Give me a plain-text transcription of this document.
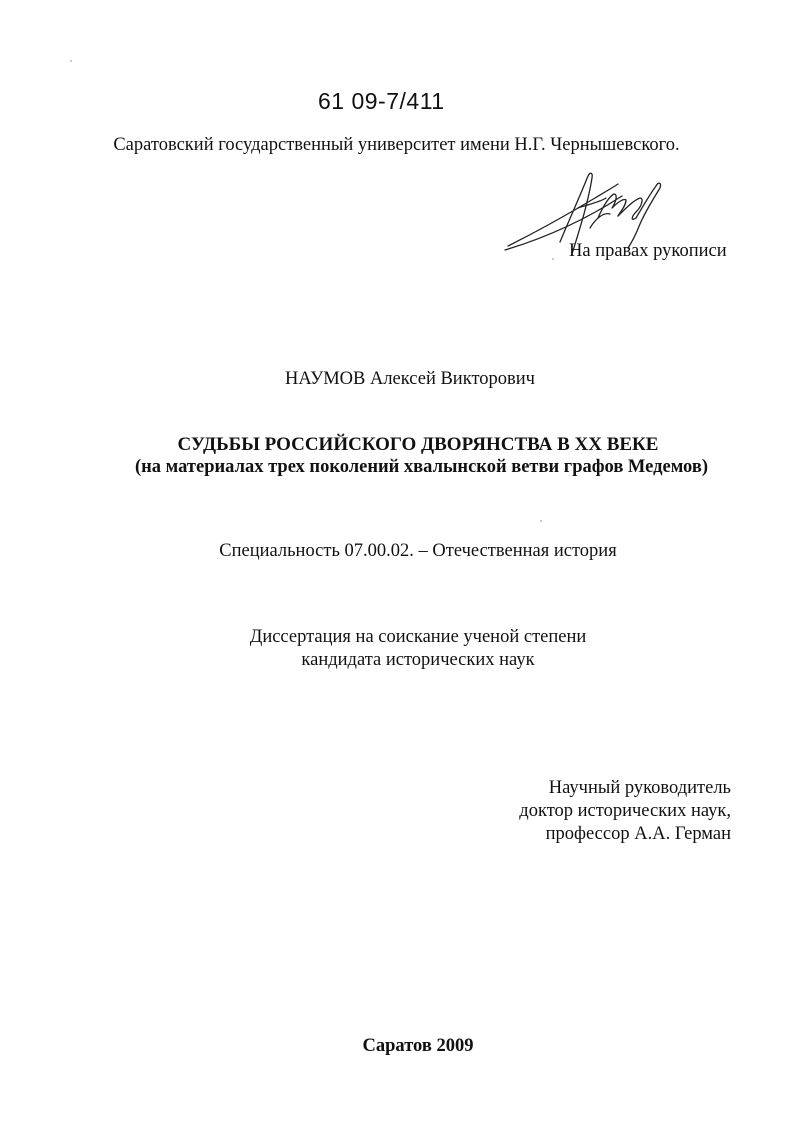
61 09-7/411
Саратовский государственный университет имени Н.Г. Чернышевского.
На правах рукописи
НАУМОВ Алексей Викторович
СУДЬБЫ РОССИЙСКОГО ДВОРЯНСТВА В XX ВЕКЕ
(на материалах трех поколений хвалынской ветви графов Медемов)
Специальность 07.00.02. – Отечественная история
Диссертация на соискание ученой степени
кандидата исторических наук
Научный руководитель
доктор исторических наук,
профессор А.А. Герман
Саратов 2009
